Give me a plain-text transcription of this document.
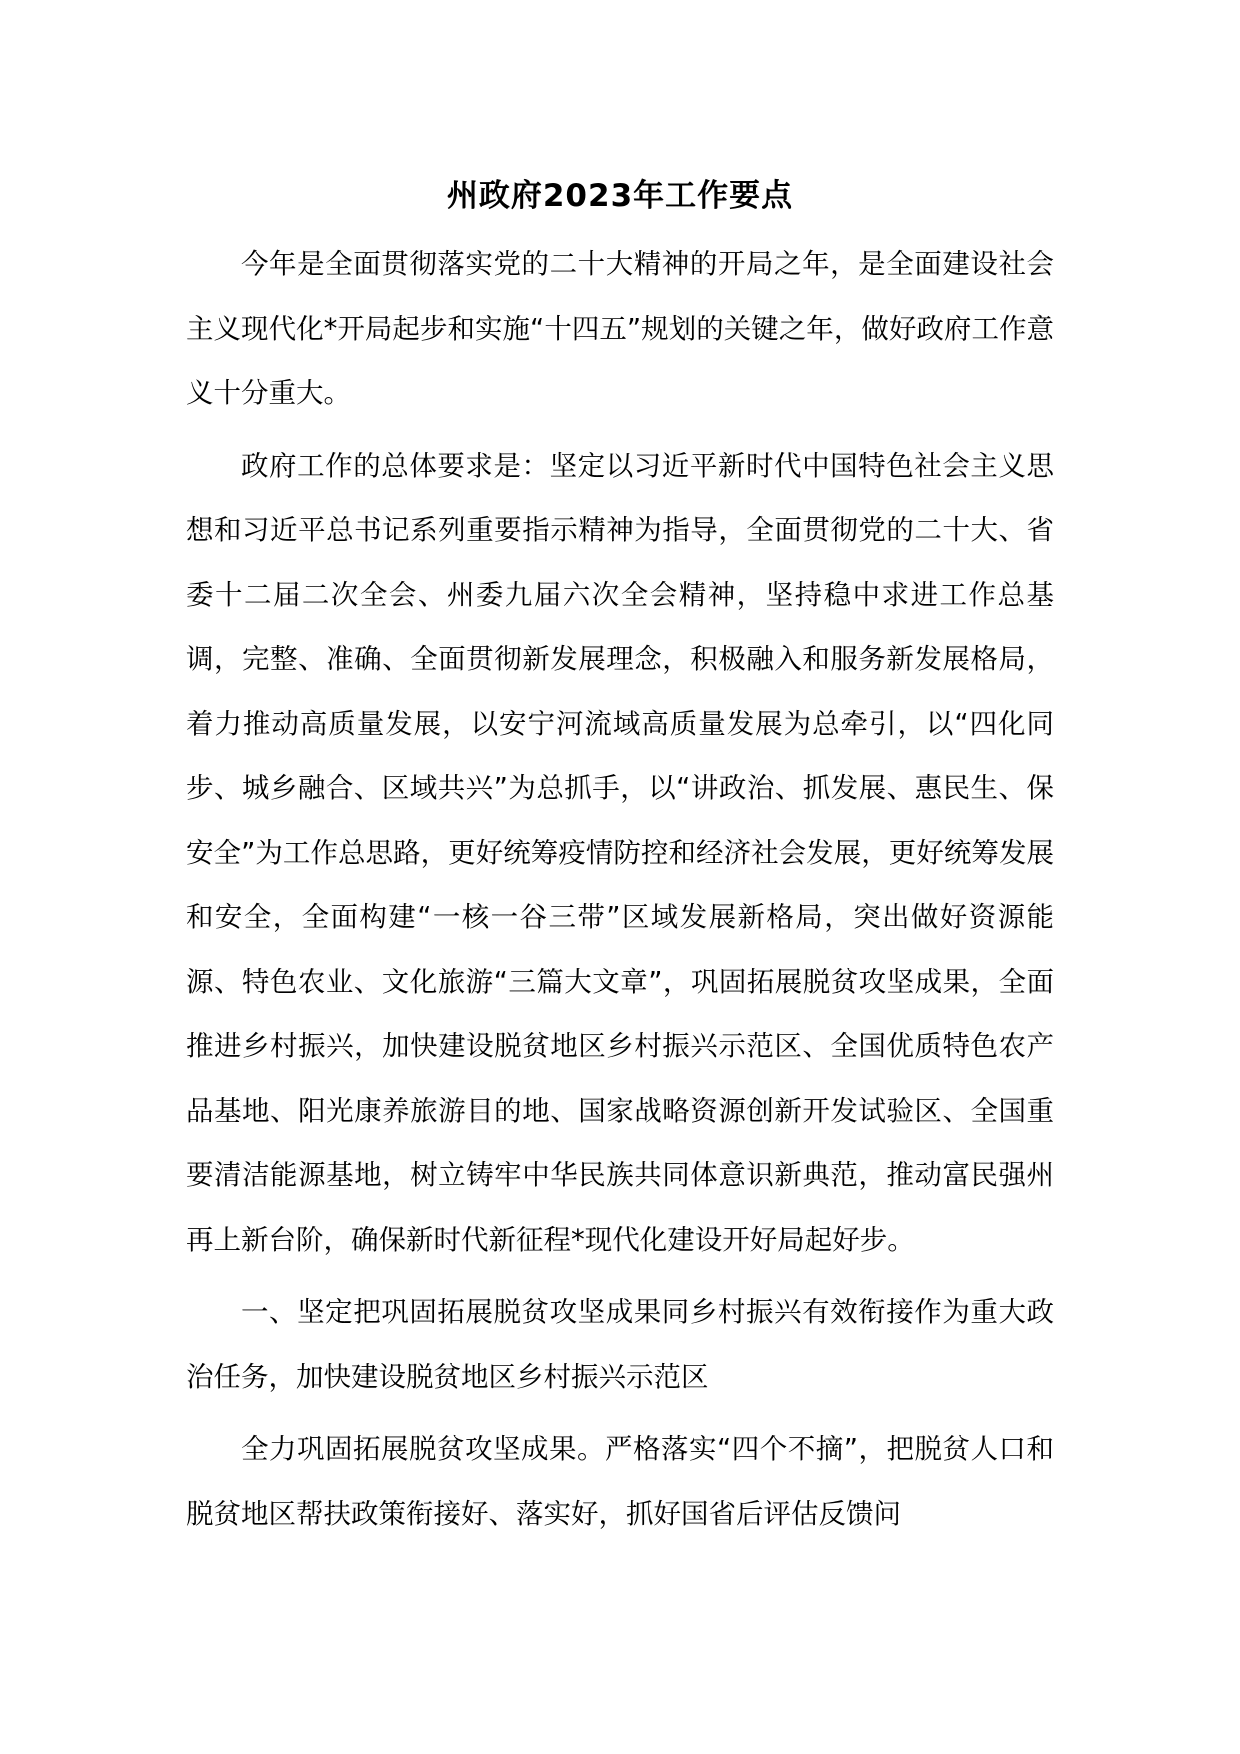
州政府2023年工作要点

今年是全面贯彻落实党的二十大精神的开局之年，是全面建设社会主义现代化*开局起步和实施“十四五”规划的关键之年，做好政府工作意义十分重大。

政府工作的总体要求是：坚定以习近平新时代中国特色社会主义思想和习近平总书记系列重要指示精神为指导，全面贯彻党的二十大、省委十二届二次全会、州委九届六次全会精神，坚持稳中求进工作总基调，完整、准确、全面贯彻新发展理念，积极融入和服务新发展格局，着力推动高质量发展，以安宁河流域高质量发展为总牵引，以“四化同步、城乡融合、区域共兴”为总抓手，以“讲政治、抓发展、惠民生、保安全”为工作总思路，更好统筹疫情防控和经济社会发展，更好统筹发展和安全，全面构建“一核一谷三带”区域发展新格局，突出做好资源能源、特色农业、文化旅游“三篇大文章”，巩固拓展脱贫攻坚成果，全面推进乡村振兴，加快建设脱贫地区乡村振兴示范区、全国优质特色农产品基地、阳光康养旅游目的地、国家战略资源创新开发试验区、全国重要清洁能源基地，树立铸牢中华民族共同体意识新典范，推动富民强州再上新台阶，确保新时代新征程*现代化建设开好局起好步。

一、坚定把巩固拓展脱贫攻坚成果同乡村振兴有效衔接作为重大政治任务，加快建设脱贫地区乡村振兴示范区

全力巩固拓展脱贫攻坚成果。严格落实“四个不摘”，把脱贫人口和脱贫地区帮扶政策衔接好、落实好，抓好国省后评估反馈问
